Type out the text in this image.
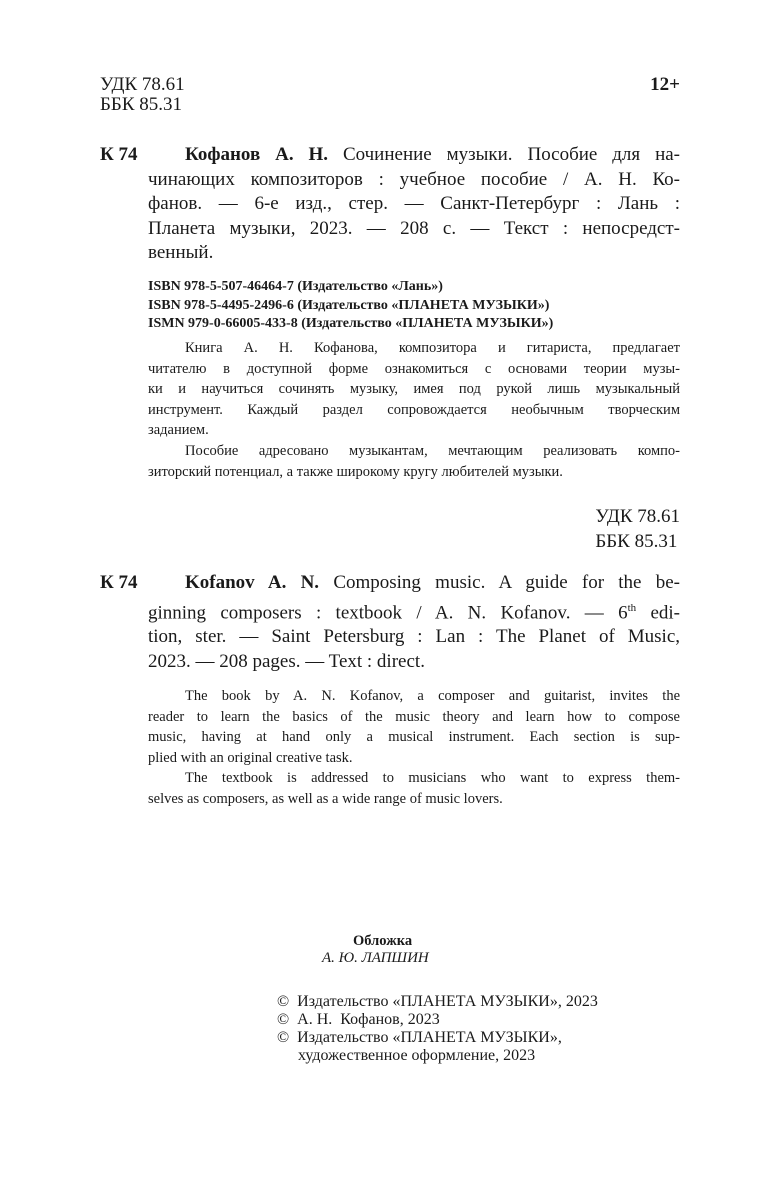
УДК 78.61
ББК 85.31
12+
К 74	Кофанов А. Н. Сочинение музыки. Пособие для на-
чинающих композиторов : учебное пособие / А. Н. Ко-
фанов. — 6-е изд., стер. — Санкт-Петербург : Лань :
Планета музыки, 2023. — 208 с. — Текст : непосредст-
венный.
ISBN 978-5-507-46464-7 (Издательство «Лань»)
ISBN 978-5-4495-2496-6 (Издательство «ПЛАНЕТА МУЗЫКИ»)
ISMN 979-0-66005-433-8 (Издательство «ПЛАНЕТА МУЗЫКИ»)
Книга А. Н. Кофанова, композитора и гитариста, предлагает
читателю в доступной форме ознакомиться с основами теории музы-
ки и научиться сочинять музыку, имея под рукой лишь музыкальный
инструмент. Каждый раздел сопровождается необычным творческим
заданием.
Пособие адресовано музыкантам, мечтающим реализовать компо-
зиторский потенциал, а также широкому кругу любителей музыки.
УДК 78.61
ББК 85.31
К 74	Kofanov A. N. Composing music. A guide for the be-
ginning composers : textbook / A. N. Kofanov. — 6th edi-
tion, ster. — Saint Petersburg : Lan : The Planet of Music,
2023. — 208 pages. — Text : direct.
The book by A. N. Kofanov, a composer and guitarist, invites the
reader to learn the basics of the music theory and learn how to compose
music, having at hand only a musical instrument. Each section is sup-
plied with an original creative task.
The textbook is addressed to musicians who want to express them-
selves as composers, as well as a wide range of music lovers.
Обложка
А. Ю. ЛАПШИН
© Издательство «ПЛАНЕТА МУЗЫКИ», 2023
© А. Н.  Кофанов, 2023
© Издательство «ПЛАНЕТА МУЗЫКИ»,
художественное оформление, 2023
